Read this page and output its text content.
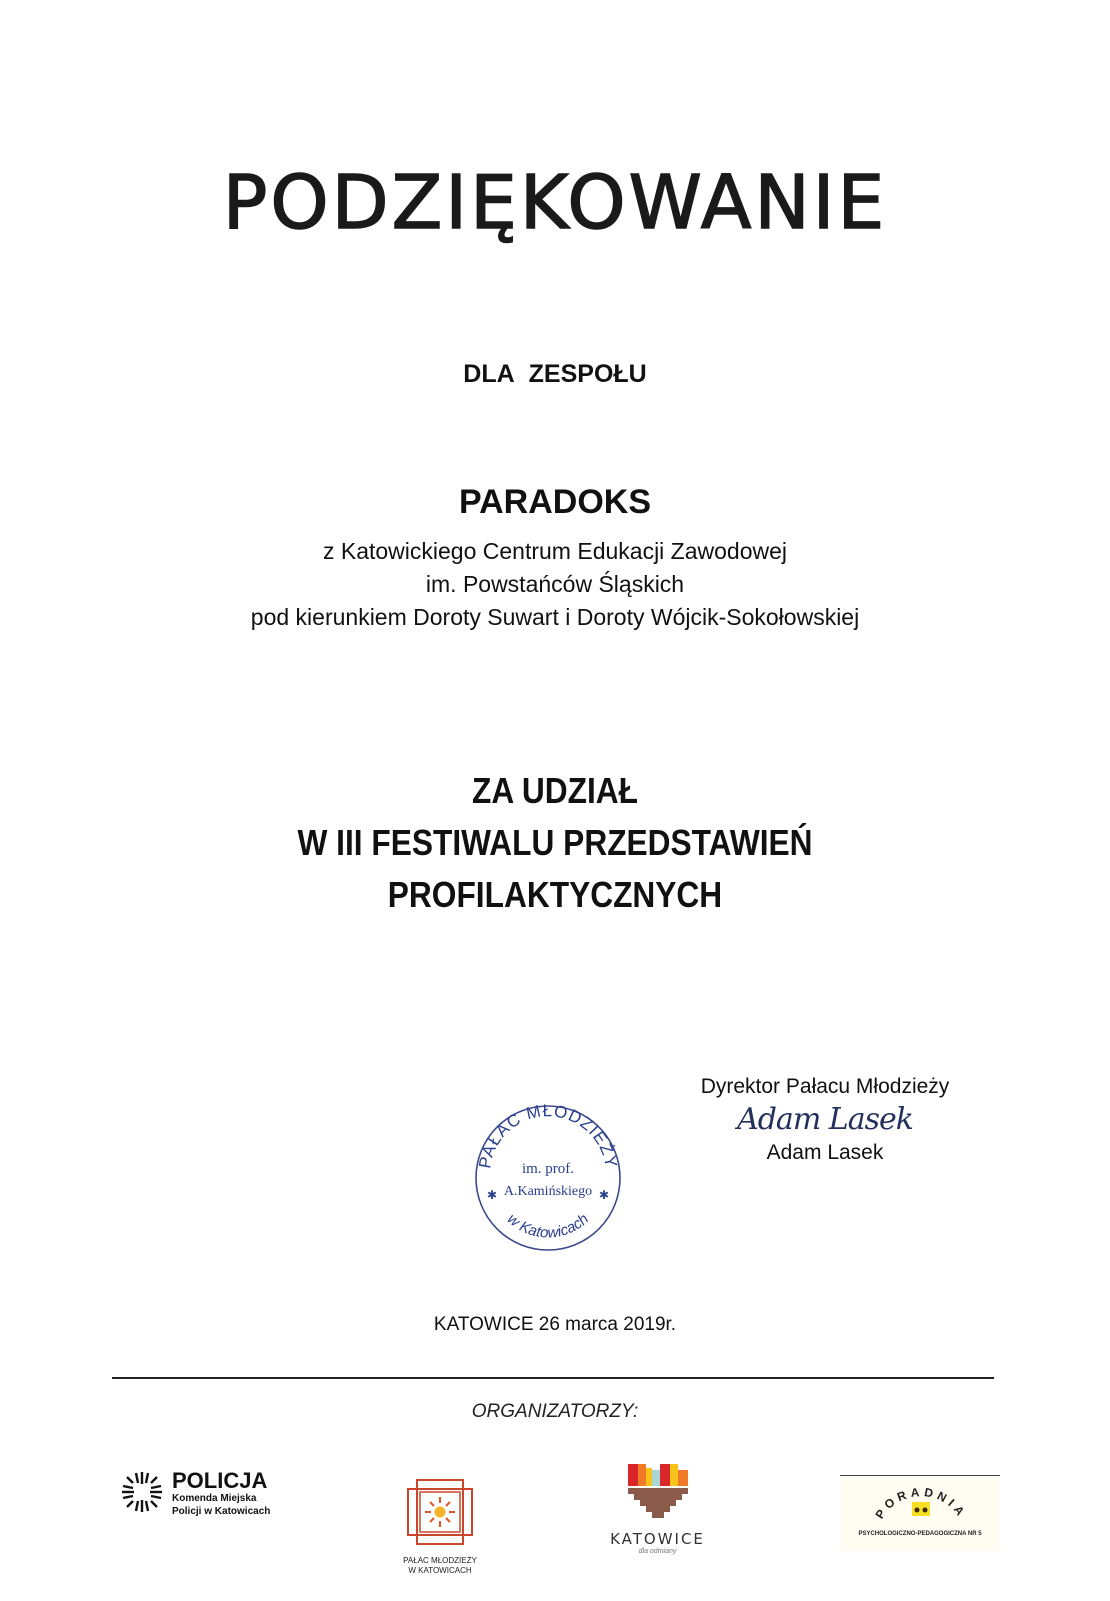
PODZIĘKOWANIE
DLA ZESPOŁU
PARADOKS
z Katowickiego Centrum Edukacji Zawodowej
im. Powstańców Śląskich
pod kierunkiem Doroty Suwart i Doroty Wójcik-Sokołowskiej
ZA UDZIAŁ
W III FESTIWALU PRZEDSTAWIEŃ
PROFILAKTYCZNYCH
PAŁAC MŁODZIEŻY
w Katowicach
im. prof.
A.Kamińskiego
✱	✱
Dyrektor Pałacu Młodzieży
Adam Lasek
Adam Lasek
KATOWICE 26 marca 2019r.
ORGANIZATORZY:
POLICJA
Komenda Miejska
Policji w Katowicach
PAŁAC MŁODZIEŻY
W KATOWICACH
KATOWICE
dla odmiany
PORADNIA
PSYCHOLOGICZNO-PEDAGOGICZNA NR 5
